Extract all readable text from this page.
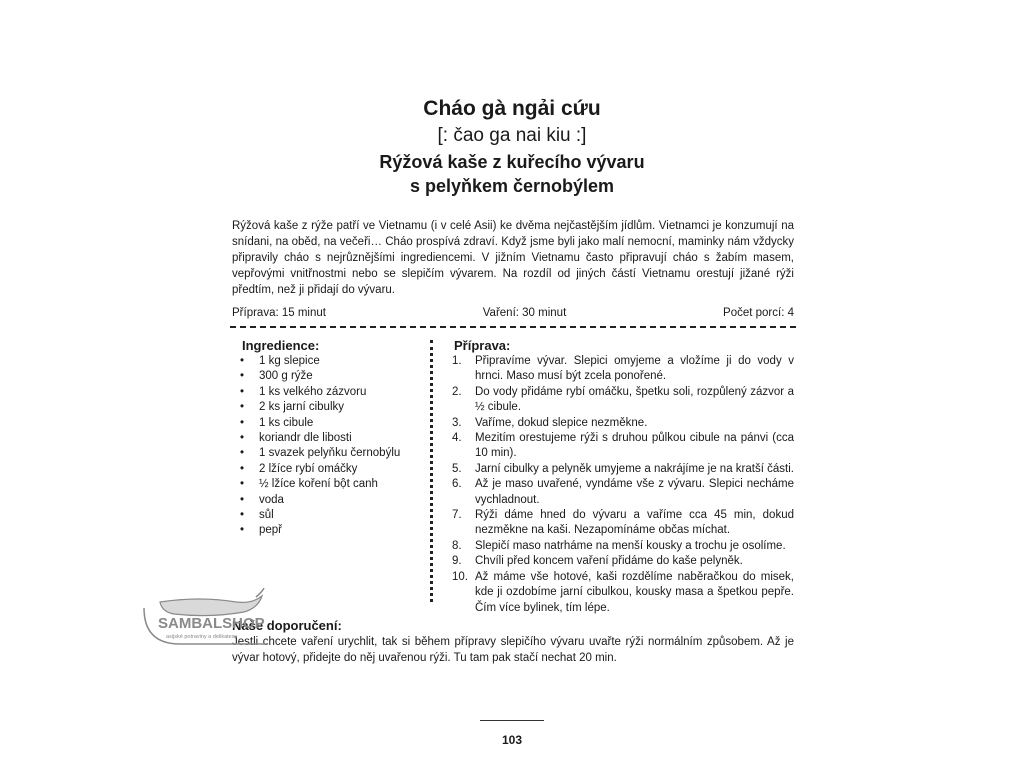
Cháo gà ngải cứu
[: čao ga nai kiu :]
Rýžová kaše z kuřecího vývaru
s pelyňkem černobýlem

Rýžová kaše z rýže patří ve Vietnamu (i v celé Asii) ke dvěma nejčastějším jídlům. Vietnamci je konzumují na snídani, na oběd, na večeři… Cháo prospívá zdraví. Když jsme byli jako malí nemocní, maminky nám vždycky připravily cháo s nejrůznějšími ingrediencemi. V jižním Vietnamu často připravují cháo s žabím masem, vepřovými vnitřnostmi nebo se slepičím vývarem. Na rozdíl od jiných částí Vietnamu orestují jižané rýži předtím, než ji přidají do vývaru.

Příprava: 15 minut	Vaření: 30 minut	Počet porcí: 4
Ingredience:
• 1 kg slepice
• 300 g rýže
• 1 ks velkého zázvoru
• 2 ks jarní cibulky
• 1 ks cibule
• koriandr dle libosti
• 1 svazek pelyňku černobýlu
• 2 lžíce rybí omáčky
• ½ lžíce koření bột canh
• voda
• sůl
• pepř
Příprava:
1. Připravíme vývar. Slepici omyjeme a vložíme ji do vody v hrnci. Maso musí být zcela ponořené.
2. Do vody přidáme rybí omáčku, špetku soli, rozpůlený zázvor a ½ cibule.
3. Vaříme, dokud slepice nezměkne.
4. Mezitím orestujeme rýži s druhou půlkou cibule na pánvi (cca 10 min).
5. Jarní cibulky a pelyněk umyjeme a nakrájíme je na kratší části.
6. Až je maso uvařené, vyndáme vše z vývaru. Slepici necháme vychladnout.
7. Rýži dáme hned do vývaru a vaříme cca 45 min, dokud nezměkne na kaši. Nezapomínáme občas míchat.
8. Slepičí maso natrháme na menší kousky a trochu je osolíme.
9. Chvíli před koncem vaření přidáme do kaše pelyněk.
10. Až máme vše hotové, kaši rozdělíme naběračkou do misek, kde ji ozdobíme jarní cibulkou, kousky masa a špetkou pepře. Čím více bylinek, tím lépe.
Naše doporučení:

Jestli chcete vaření urychlit, tak si během přípravy slepičího vývaru uvařte rýži normálním způsobem. Až je vývar hotový, přidejte do něj uvařenou rýži. Tu tam pak stačí nechat 20 min.

SAMBALSHOP
asijské potraviny a delikatesy
103
